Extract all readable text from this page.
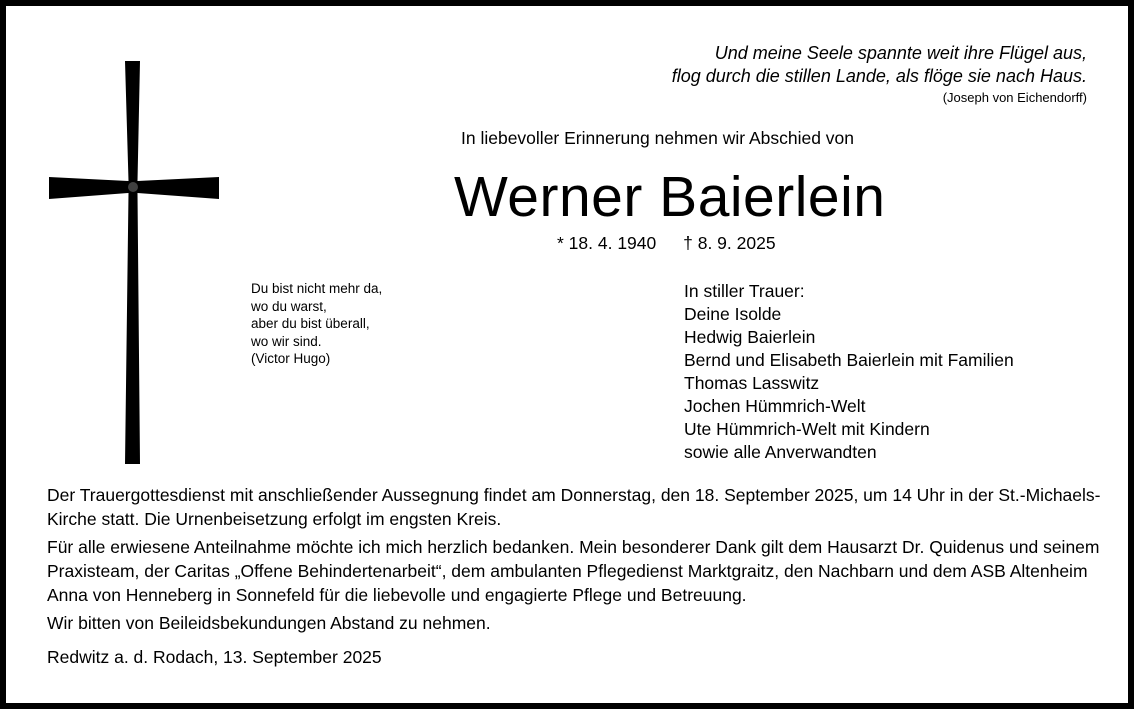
Und meine Seele spannte weit ihre Flügel aus,
flog durch die stillen Lande, als flöge sie nach Haus.
(Joseph von Eichendorff)

In liebevoller Erinnerung nehmen wir Abschied von

Werner Baierlein
* 18. 4. 1940 † 8. 9. 2025
Du bist nicht mehr da,
wo du warst,
aber du bist überall,
wo wir sind.
(Victor Hugo)
In stiller Trauer:
Deine Isolde
Hedwig Baierlein
Bernd und Elisabeth Baierlein mit Familien
Thomas Lasswitz
Jochen Hümmrich-Welt
Ute Hümmrich-Welt mit Kindern
sowie alle Anverwandten

Der Trauergottesdienst mit anschließender Aussegnung findet am Donnerstag, den 18. September 2025, um 14 Uhr in der St.-Michaels-Kirche statt. Die Urnenbeisetzung erfolgt im engsten Kreis.

Für alle erwiesene Anteilnahme möchte ich mich herzlich bedanken. Mein besonderer Dank gilt dem Hausarzt Dr. Quidenus und seinem Praxisteam, der Caritas „Offene Behindertenarbeit“, dem ambulanten Pflegedienst Marktgraitz, den Nachbarn und dem ASB Altenheim Anna von Henneberg in Sonnefeld für die liebevolle und engagierte Pflege und Betreuung.

Wir bitten von Beileidsbekundungen Abstand zu nehmen.

Redwitz a. d. Rodach, 13. September 2025
